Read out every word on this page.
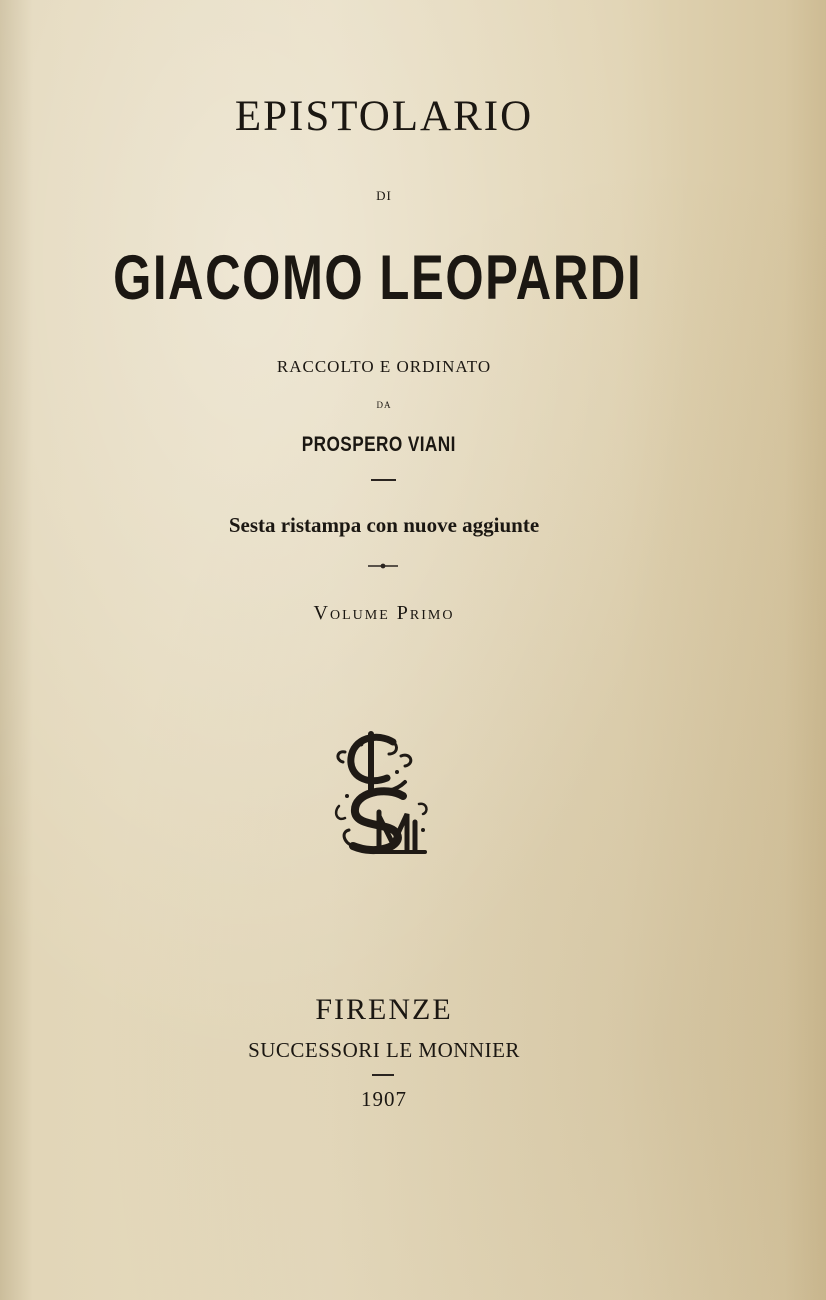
EPISTOLARIO
DI
GIACOMO LEOPARDI
RACCOLTO E ORDINATO
DA
PROSPERO VIANI
Sesta ristampa con nuove aggiunte
Volume Primo
FIRENZE
SUCCESSORI LE MONNIER
1907
